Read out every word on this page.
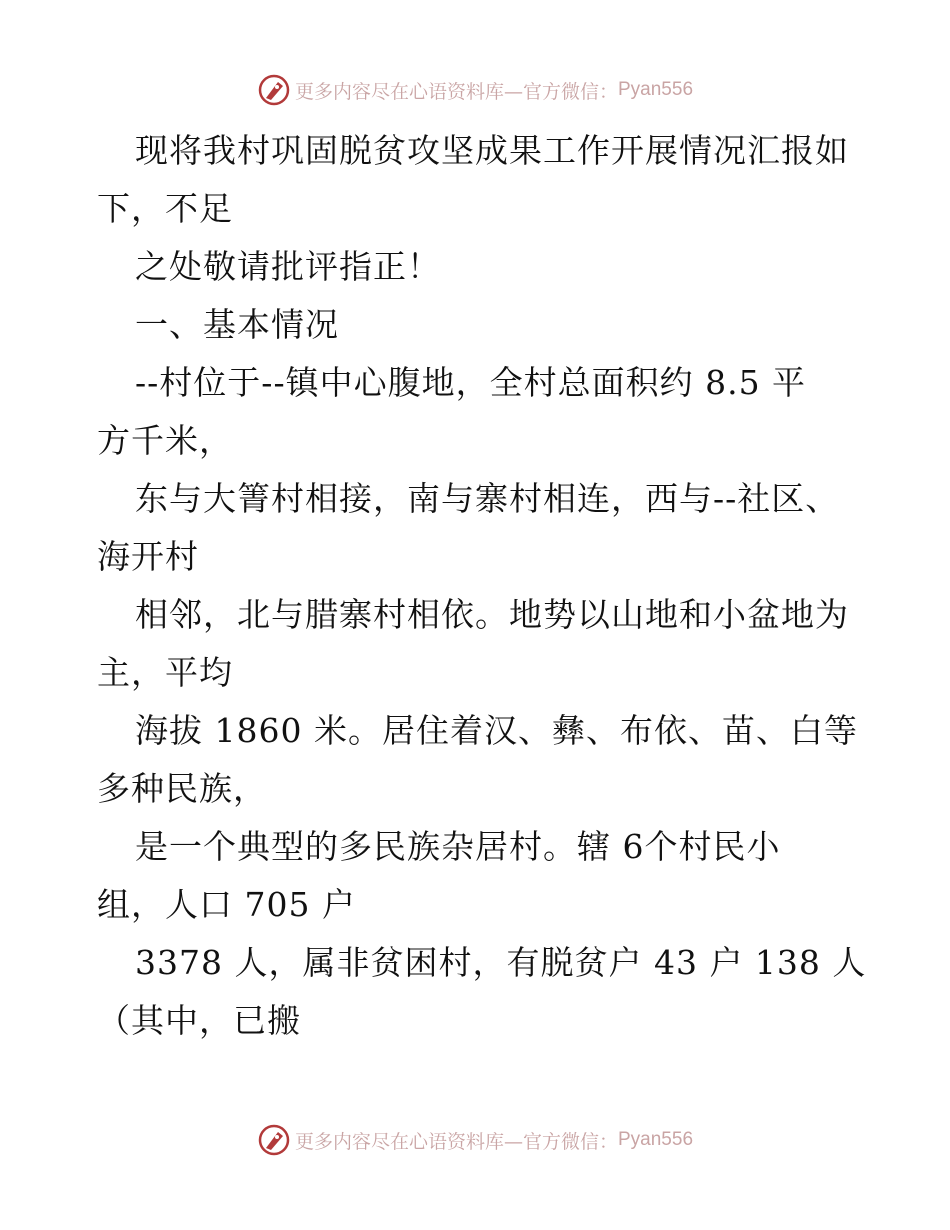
更多内容尽在心语资料库—官方微信： Pyan556
现将我村巩固脱贫攻坚成果工作开展情况汇报如
下，不足
之处敬请批评指正！
一、基本情况
--村位于--镇中心腹地，全村总面积约 8.5 平
方千米，
东与大箐村相接，南与寨村相连，西与--社区、
海开村
相邻，北与腊寨村相依。地势以山地和小盆地为
主，平均
海拔 1860 米。居住着汉、彝、布依、苗、白等
多种民族，
是一个典型的多民族杂居村。辖 6个村民小
组，人口 705 户
3378 人，属非贫困村，有脱贫户 43 户 138 人
（其中，已搬
更多内容尽在心语资料库—官方微信： Pyan556
